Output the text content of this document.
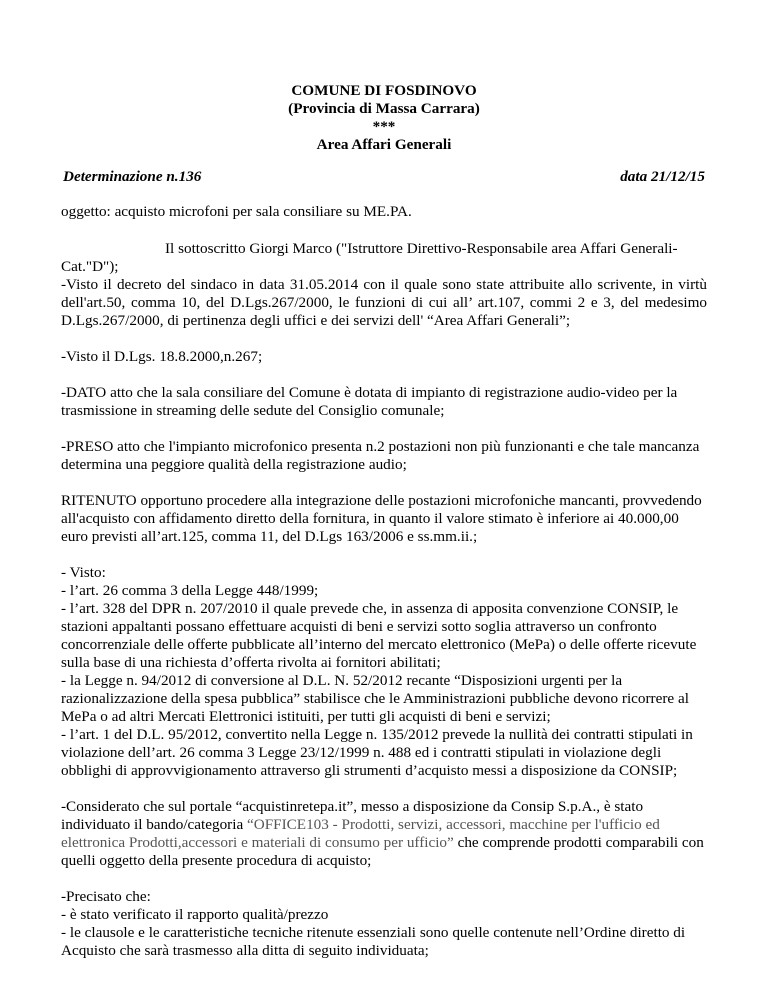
COMUNE DI FOSDINOVO
(Provincia di Massa Carrara)
***
Area Affari Generali
Determinazione n.136	data 21/12/15

oggetto: acquisto microfoni per sala consiliare su ME.PA.

Il sottoscritto Giorgi Marco ("Istruttore Direttivo-Responsabile area Affari Generali-

Cat."D");

-Visto il decreto del sindaco in data 31.05.2014 con il quale sono state attribuite allo scrivente, in virtù dell'art.50, comma 10, del D.Lgs.267/2000, le funzioni di cui all’ art.107, commi 2 e 3, del medesimo D.Lgs.267/2000, di pertinenza degli uffici e dei servizi dell' “Area Affari Generali”;

-Visto il D.Lgs. 18.8.2000,n.267;

-DATO atto che la sala consiliare del Comune è dotata di impianto di registrazione audio-video per la trasmissione in streaming delle sedute del Consiglio comunale;

-PRESO atto che l'impianto microfonico presenta n.2 postazioni non più funzionanti e che tale mancanza determina una peggiore qualità della registrazione audio;

RITENUTO opportuno procedere alla integrazione delle postazioni microfoniche mancanti, provvedendo all'acquisto con affidamento diretto della fornitura, in quanto il valore stimato è inferiore ai 40.000,00 euro previsti all’art.125, comma 11, del D.Lgs 163/2006 e ss.mm.ii.;

- Visto:

- l’art. 26 comma 3 della Legge 448/1999;

- l’art. 328 del DPR n. 207/2010 il quale prevede che, in assenza di apposita convenzione CONSIP, le stazioni appaltanti possano effettuare acquisti di beni e servizi sotto soglia attraverso un confronto concorrenziale delle offerte pubblicate all’interno del mercato elettronico (MePa) o delle offerte ricevute sulla base di una richiesta d’offerta rivolta ai fornitori abilitati;

- la Legge n. 94/2012 di conversione al D.L. N. 52/2012 recante “Disposizioni urgenti per la razionalizzazione della spesa pubblica” stabilisce che le Amministrazioni pubbliche devono ricorrere al MePa o ad altri Mercati Elettronici istituiti, per tutti gli acquisti di beni e servizi;

- l’art. 1 del D.L. 95/2012, convertito nella Legge n. 135/2012 prevede la nullità dei contratti stipulati in violazione dell’art. 26 comma 3 Legge 23/12/1999 n. 488 ed i contratti stipulati in violazione degli obblighi di approvvigionamento attraverso gli strumenti d’acquisto messi a disposizione da CONSIP;

-Considerato che sul portale “acquistinretepa.it”, messo a disposizione da Consip S.p.A., è stato individuato il bando/categoria “OFFICE103 - Prodotti, servizi, accessori, macchine per l'ufficio ed elettronica Prodotti,accessori e materiali di consumo per ufficio” che comprende prodotti comparabili con quelli oggetto della presente procedura di acquisto;

-Precisato che:

- è stato verificato il rapporto qualità/prezzo

- le clausole e le caratteristiche tecniche ritenute essenziali sono quelle contenute nell’Ordine diretto di Acquisto che sarà trasmesso alla ditta di seguito individuata;
